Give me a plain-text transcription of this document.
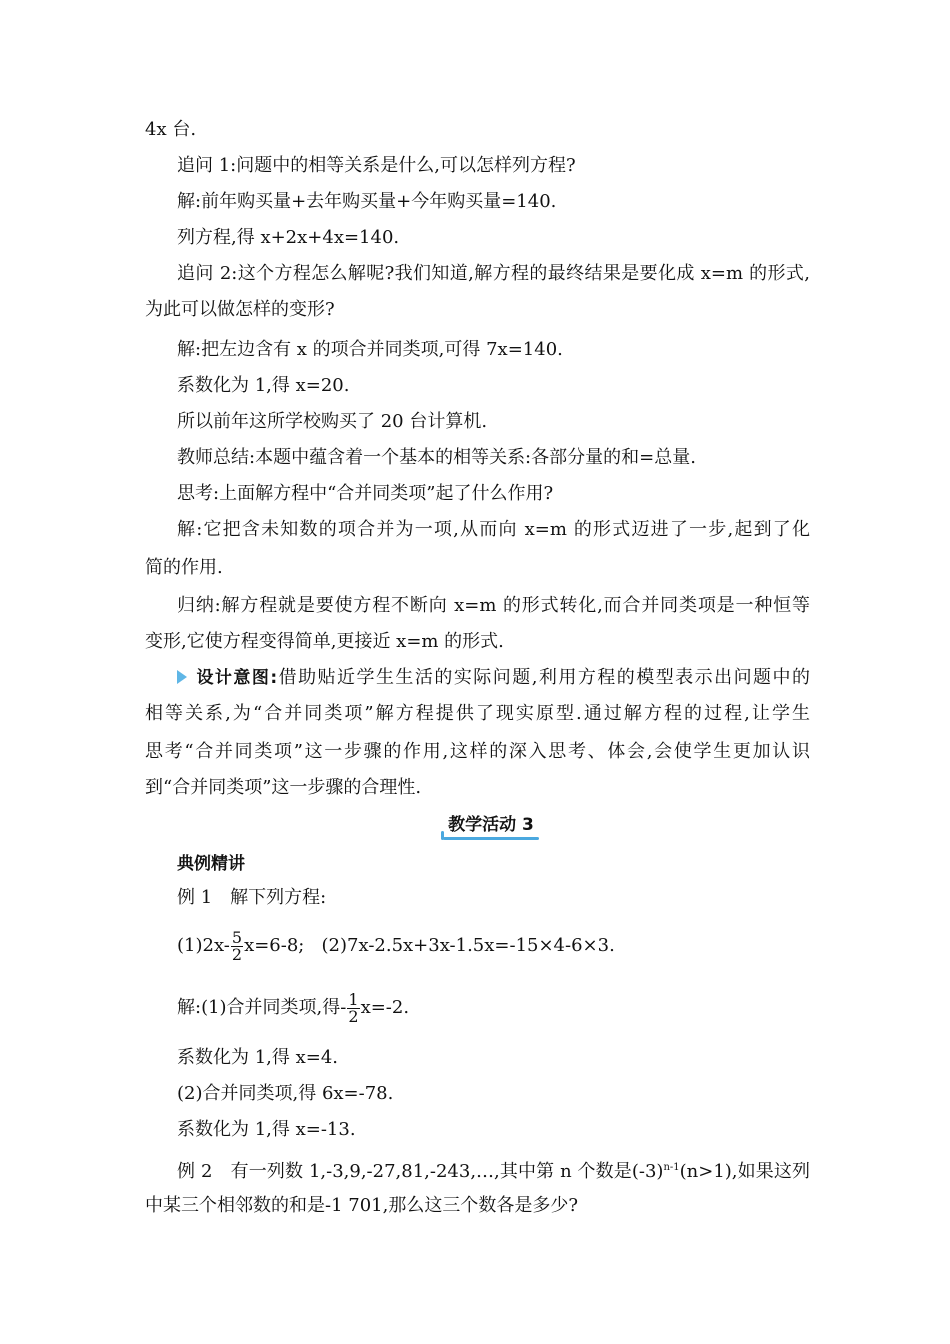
4x 台.
追问 1:问题中的相等关系是什么,可以怎样列方程?
解:前年购买量+去年购买量+今年购买量=140.
列方程,得 x+2x+4x=140.
追问 2:这个方程怎么解呢?我们知道,解方程的最终结果是要化成 x=m 的形式,
为此可以做怎样的变形?
解:把左边含有 x 的项合并同类项,可得 7x=140.
系数化为 1,得 x=20.
所以前年这所学校购买了 20 台计算机.
教师总结:本题中蕴含着一个基本的相等关系:各部分量的和=总量.
思考:上面解方程中“合并同类项”起了什么作用?
解:它把含未知数的项合并为一项,从而向 x=m 的形式迈进了一步,起到了化
简的作用.
归纳:解方程就是要使方程不断向 x=m 的形式转化,而合并同类项是一种恒等
变形,它使方程变得简单,更接近 x=m 的形式.
设计意图:借助贴近学生生活的实际问题,利用方程的模型表示出问题中的
相等关系,为“合并同类项”解方程提供了现实原型.通过解方程的过程,让学生
思考“合并同类项”这一步骤的作用,这样的深入思考、体会,会使学生更加认识
到“合并同类项”这一步骤的合理性.
教学活动 3
典例精讲
例 1　解下列方程:
$(1)2x- \frac{5}{2} x=6-8$; (2)7x-2.5x+3x-1.5x=-15×4-6×3.
解:(1)合并同类项,得- $\frac{1}{2} x=-2$.
系数化为 1,得 x=4.
(2)合并同类项,得 6x=-78.
系数化为 1,得 x=-13.
例 2　有一列数 1,-3,9,-27,81,-243,…,其中第 n 个数是$(-3)^{n-1}(n>1)$,如果这列
中某三个相邻数的和是-1 701,那么这三个数各是多少?
